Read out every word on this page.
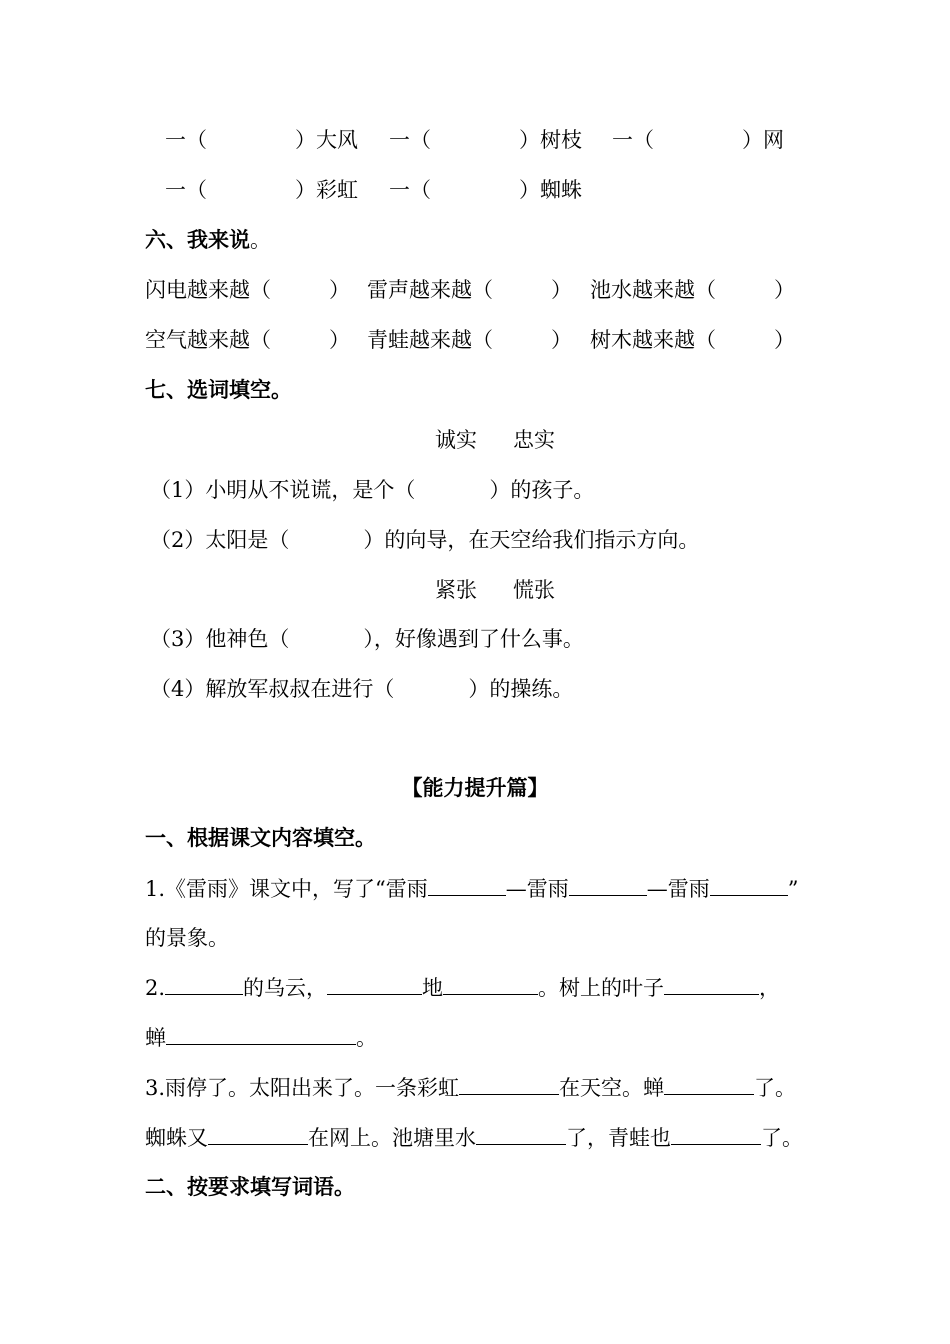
一（	）大风 一（	）树枝 一（	）网
一（	）彩虹 一（	）蜘蛛
六、我来说。
闪电越来越（	） 雷声越来越（	） 池水越来越（	）
空气越来越（	） 青蛙越来越（	） 树木越来越（	）
七、选词填空。
诚实 忠实
（1）小明从不说谎，是个（	）的孩子。
（2）太阳是（	）的向导，在天空给我们指示方向。
紧张 慌张
（3）他神色（	），好像遇到了什么事。
（4）解放军叔叔在进行（	）的操练。
【能力提升篇】
一、根据课文内容填空。
1.《雷雨》课文中，写了“雷雨	—雷雨	—雷雨	”
的景象。
2.	的乌云，	地	。树上的叶子	，
蝉	。
3.雨停了。太阳出来了。一条彩虹	在天空。蝉	了。
蜘蛛又	在网上。池塘里水	了，青蛙也	了。
二、按要求填写词语。
